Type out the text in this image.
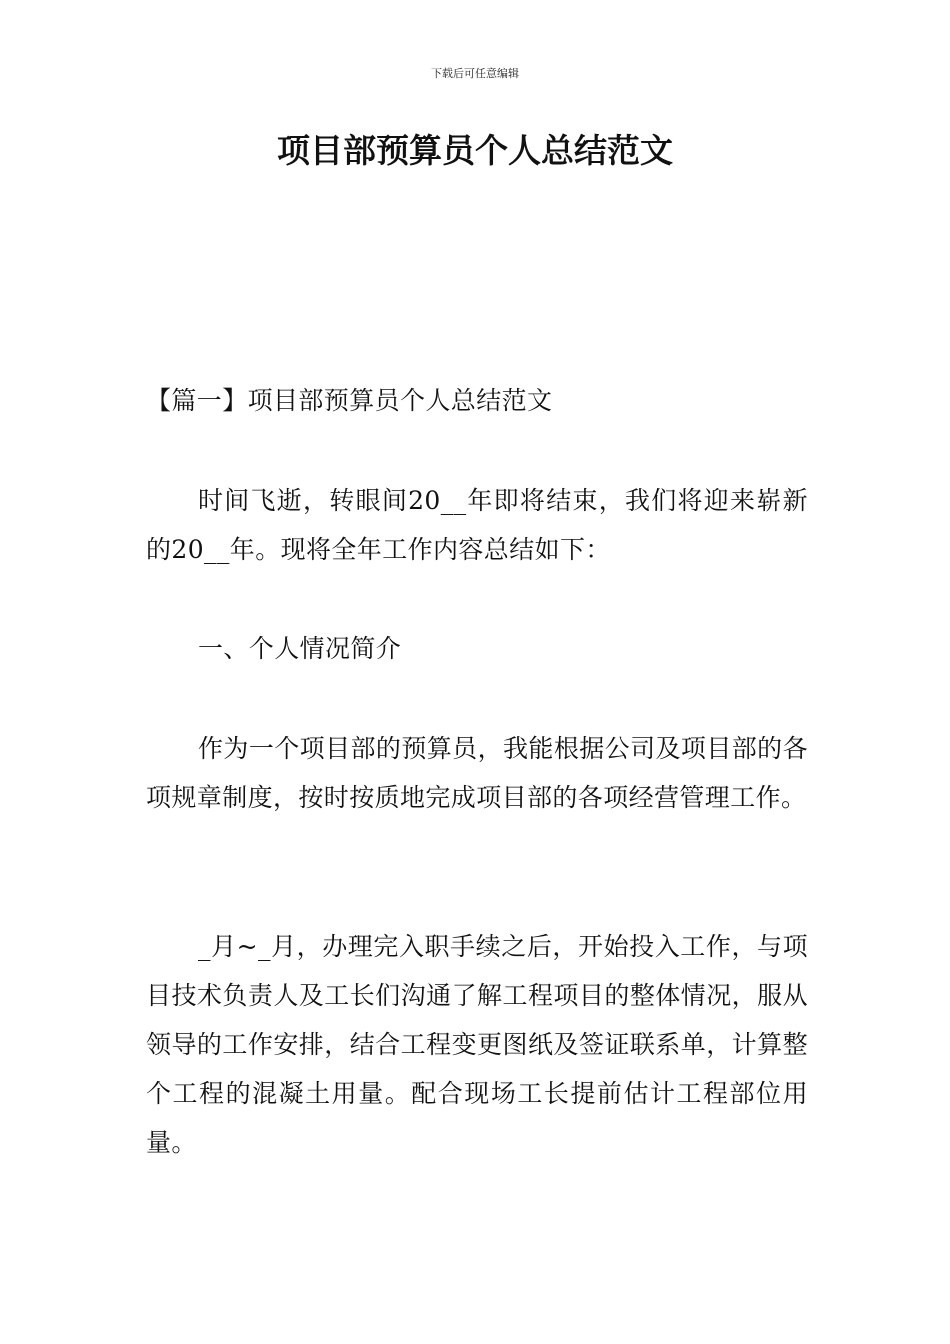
下载后可任意编辑
项目部预算员个人总结范文

【篇一】项目部预算员个人总结范文

时间飞逝，转眼间20__年即将结束，我们将迎来崭新的20__年。现将全年工作内容总结如下：

一、个人情况简介

作为一个项目部的预算员，我能根据公司及项目部的各项规章制度，按时按质地完成项目部的各项经营管理工作。

_月~_月，办理完入职手续之后，开始投入工作，与项目技术负责人及工长们沟通了解工程项目的整体情况，服从领导的工作安排，结合工程变更图纸及签证联系单，计算整个工程的混凝土用量。配合现场工长提前估计工程部位用量。
